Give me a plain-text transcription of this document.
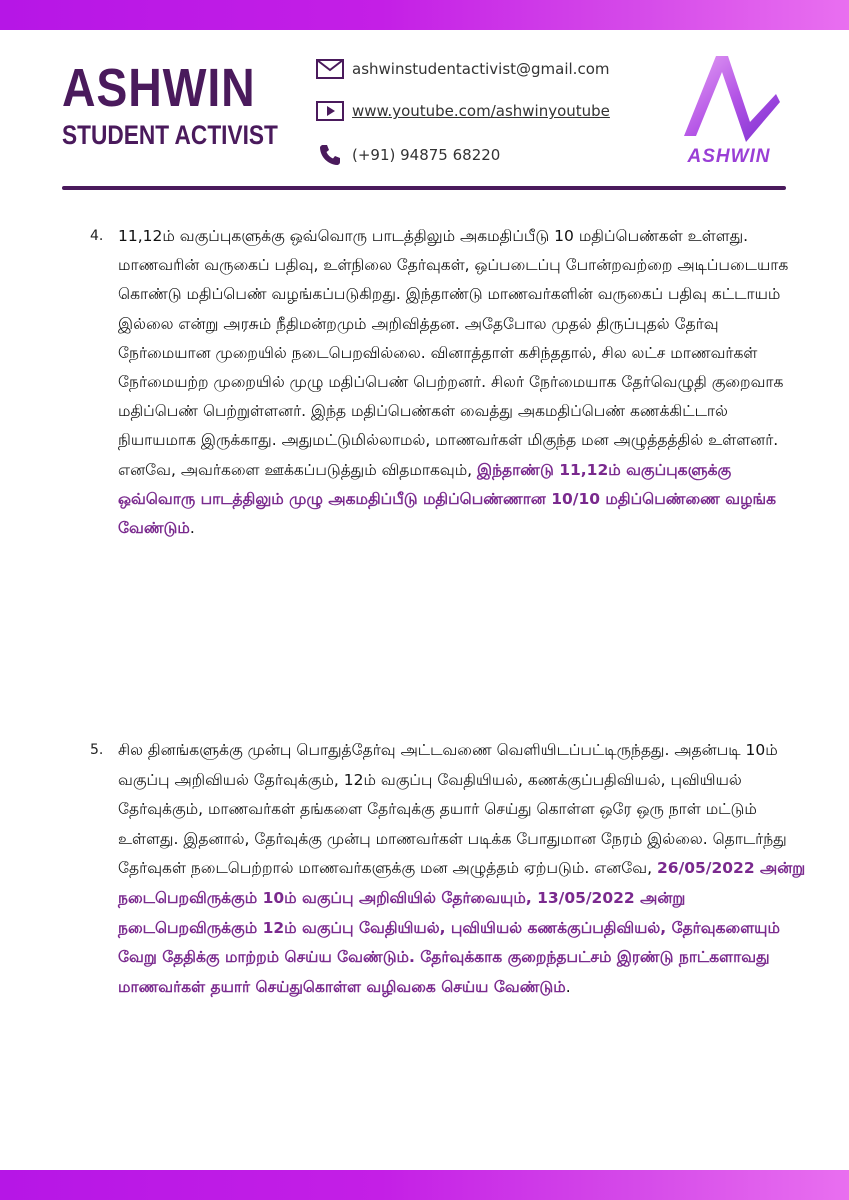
ASHWIN
STUDENT ACTIVIST
ashwinstudentactivist@gmail.com
www.youtube.com/ashwinyoutube
(+91) 94875 68220	ASHWIN
4. 11,12ம் வகுப்புகளுக்கு ஒவ்வொரு பாடத்திலும் அகமதிப்பீடு 10 மதிப்பெண்கள் உள்ளது. மாணவரின் வருகைப் பதிவு, உள்நிலை தேர்வுகள், ஒப்படைப்பு போன்றவற்றை அடிப்படையாக கொண்டு மதிப்பெண் வழங்கப்படுகிறது. இந்தாண்டு மாணவர்களின் வருகைப் பதிவு கட்டாயம் இல்லை என்று அரசும் நீதிமன்றமும் அறிவித்தன. அதேபோல முதல் திருப்புதல் தேர்வு நேர்மையான முறையில் நடைபெறவில்லை. வினாத்தாள் கசிந்ததால், சில லட்ச மாணவர்கள் நேர்மையற்ற முறையில் முழு மதிப்பெண் பெற்றனர். சிலர் நேர்மையாக தேர்வெழுதி குறைவாக மதிப்பெண் பெற்றுள்ளனர். இந்த மதிப்பெண்கள் வைத்து அகமதிப்பெண் கணக்கிட்டால் நியாயமாக இருக்காது. அதுமட்டுமில்லாமல், மாணவர்கள் மிகுந்த மன அழுத்தத்தில் உள்ளனர். எனவே, அவர்களை ஊக்கப்படுத்தும் விதமாகவும், இந்தாண்டு 11,12ம் வகுப்புகளுக்கு ஒவ்வொரு பாடத்திலும் முழு அகமதிப்பீடு மதிப்பெண்ணான 10/10 மதிப்பெண்ணை வழங்க வேண்டும்.
5. சில தினங்களுக்கு முன்பு பொதுத்தேர்வு அட்டவணை வெளியிடப்பட்டிருந்தது. அதன்படி 10ம் வகுப்பு அறிவியல் தேர்வுக்கும், 12ம் வகுப்பு வேதியியல், கணக்குப்பதிவியல், புவியியல் தேர்வுக்கும், மாணவர்கள் தங்களை தேர்வுக்கு தயார் செய்து கொள்ள ஒரே ஒரு நாள் மட்டும் உள்ளது. இதனால், தேர்வுக்கு முன்பு மாணவர்கள் படிக்க போதுமான நேரம் இல்லை. தொடர்ந்து தேர்வுகள் நடைபெற்றால் மாணவர்களுக்கு மன அழுத்தம் ஏற்படும். எனவே, 26/05/2022 அன்று நடைபெறவிருக்கும் 10ம் வகுப்பு அறிவியில் தேர்வையும், 13/05/2022 அன்று நடைபெறவிருக்கும் 12ம் வகுப்பு வேதியியல், புவியியல் கணக்குப்பதிவியல், தேர்வுகளையும் வேறு தேதிக்கு மாற்றம் செய்ய வேண்டும். தேர்வுக்காக குறைந்தபட்சம் இரண்டு நாட்களாவது மாணவர்கள் தயார் செய்துகொள்ள வழிவகை செய்ய வேண்டும்.
